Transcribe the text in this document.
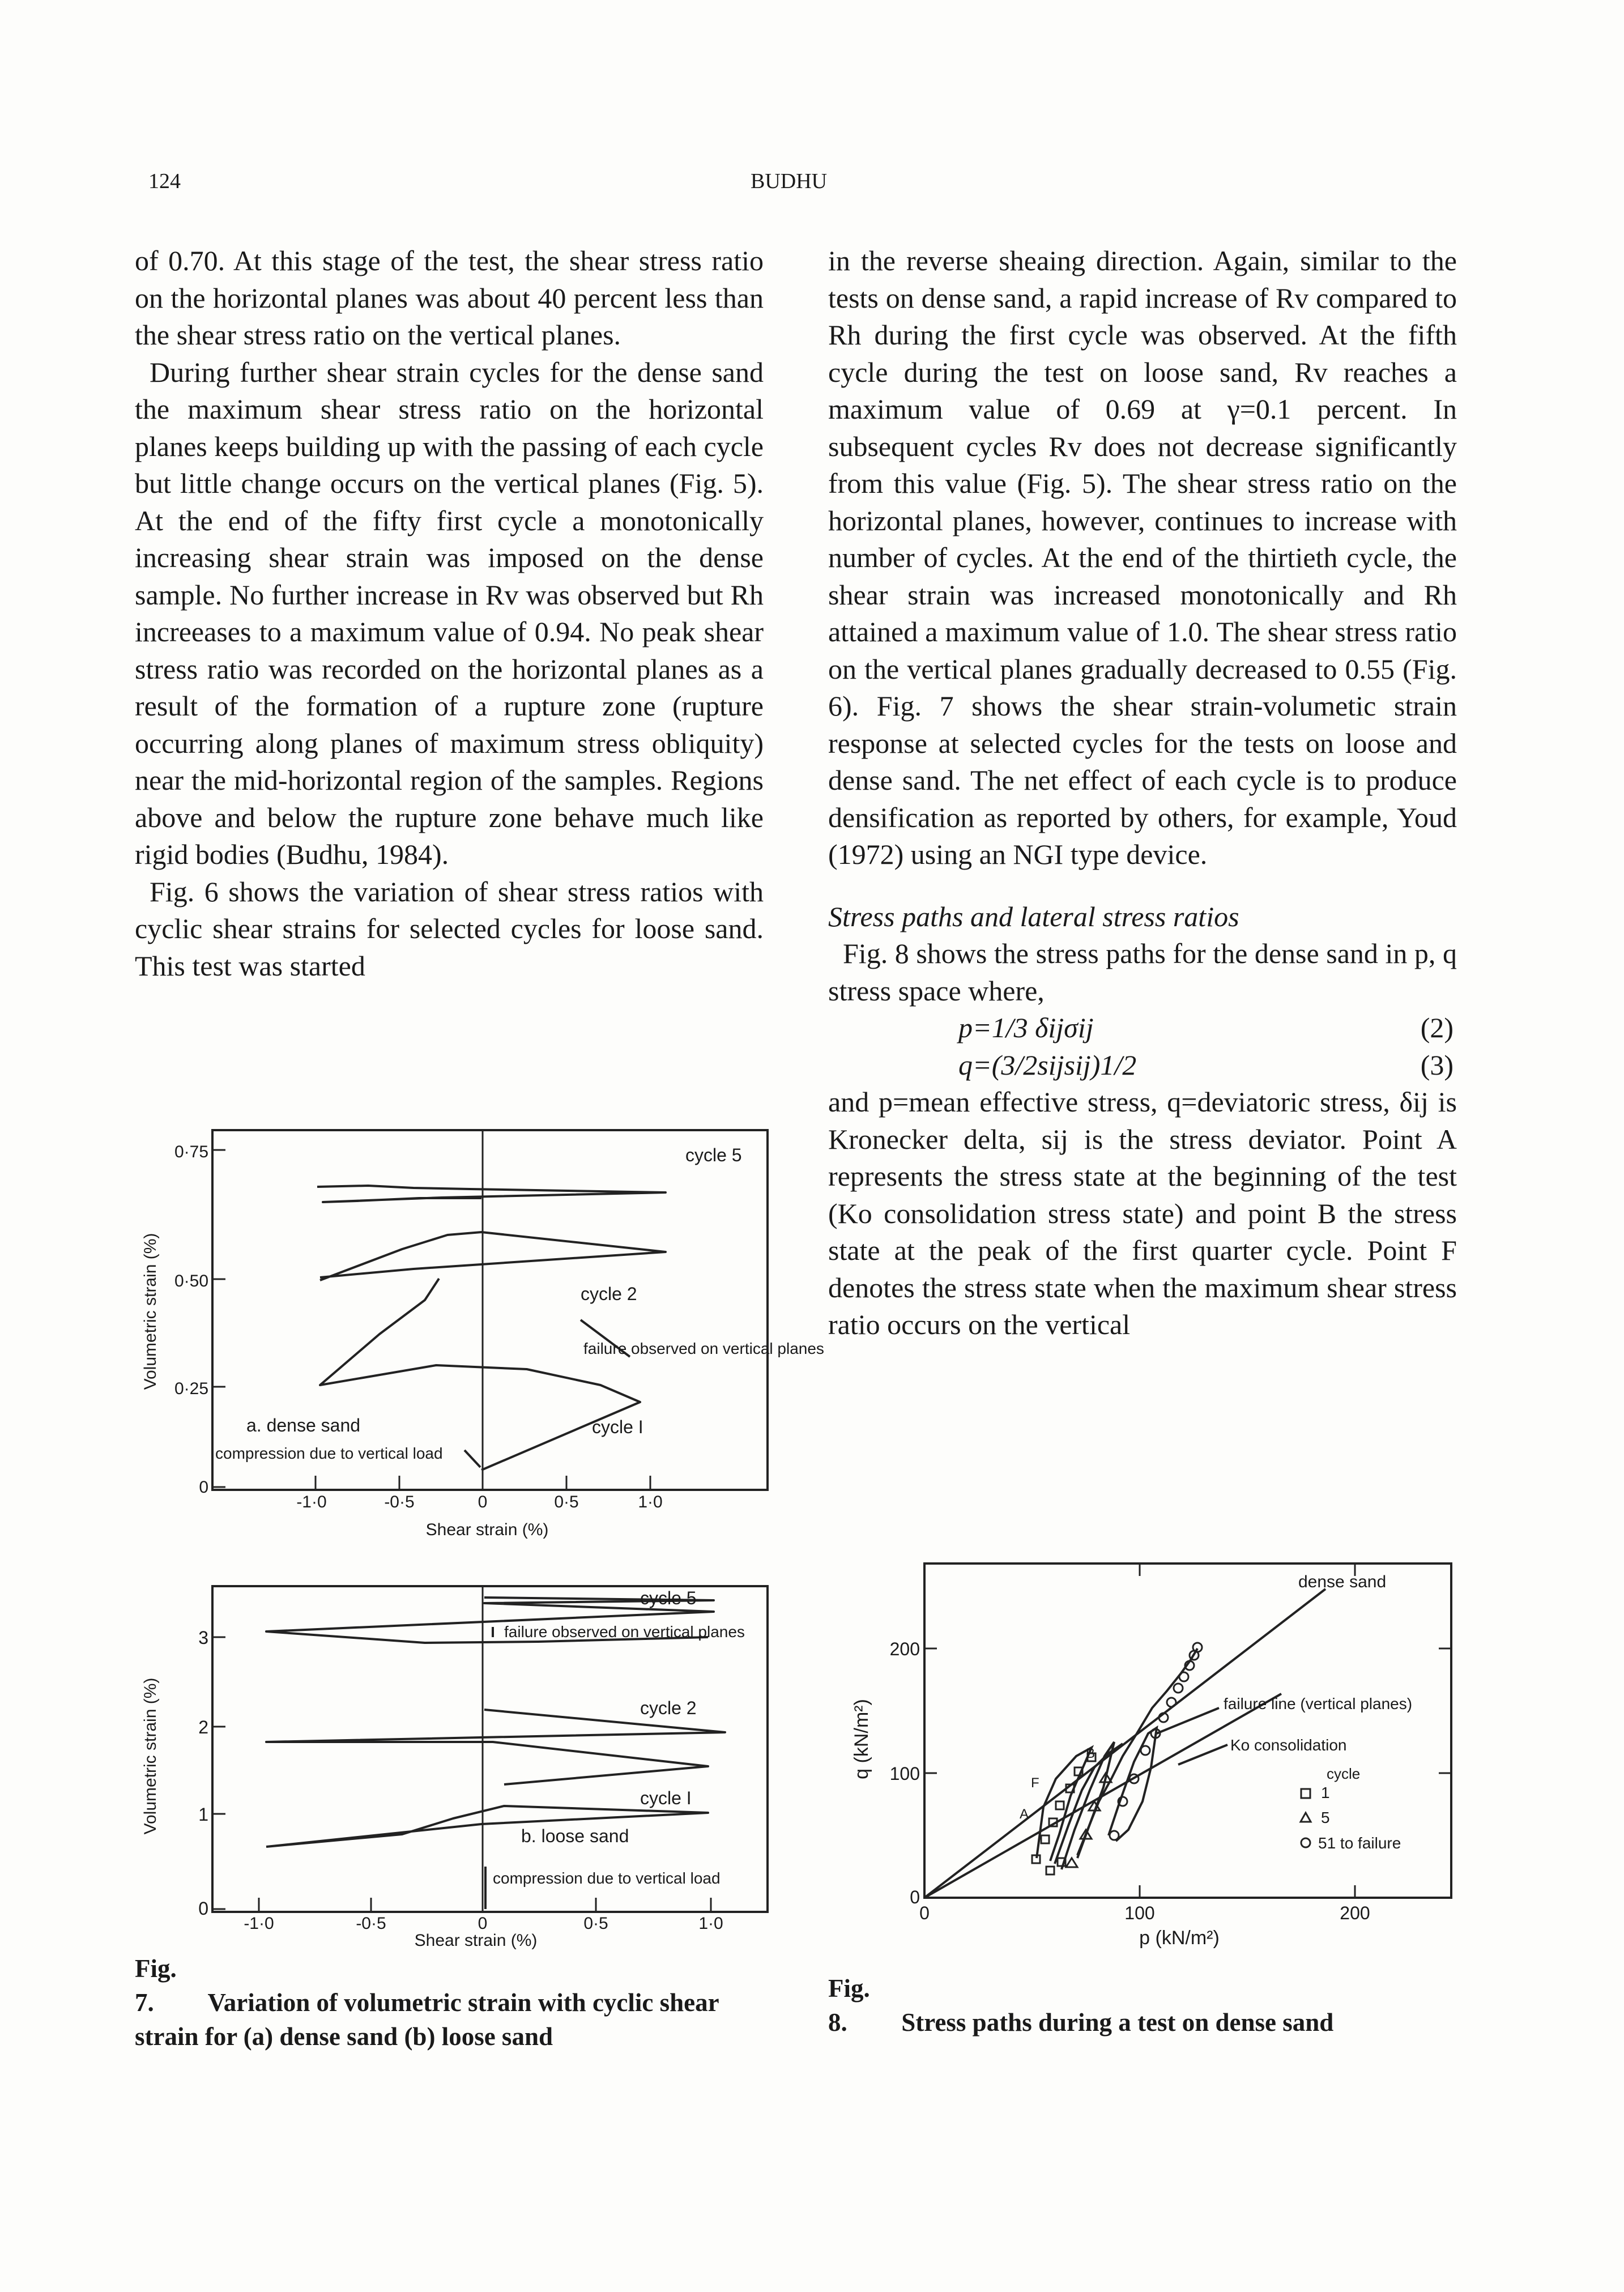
124	BUDHU

of 0.70. At this stage of the test, the shear stress ratio on the horizontal planes was about 40 percent less than the shear stress ratio on the vertical planes.

During further shear strain cycles for the dense sand the maximum shear stress ratio on the horizontal planes keeps building up with the passing of each cycle but little change occurs on the vertical planes (Fig. 5). At the end of the fifty first cycle a monotonically increasing shear strain was imposed on the dense sample. No further increase in Rv was observed but Rh increeases to a maximum value of 0.94. No peak shear stress ratio was recorded on the horizontal planes as a result of the formation of a rupture zone (rupture occurring along planes of maximum stress obliquity) near the mid-horizontal region of the samples. Regions above and below the rupture zone behave much like rigid bodies (Budhu, 1984).

Fig. 6 shows the variation of shear stress ratios with cyclic shear strains for selected cycles for loose sand. This test was started

in the reverse sheaing direction. Again, similar to the tests on dense sand, a rapid increase of Rv compared to Rh during the first cycle was observed. At the fifth cycle during the test on loose sand, Rv reaches a maximum value of 0.69 at γ=0.1 percent. In subsequent cycles Rv does not decrease significantly from this value (Fig. 5). The shear stress ratio on the horizontal planes, however, continues to increase with number of cycles. At the end of the thirtieth cycle, the shear strain was increased monotonically and Rh attained a maximum value of 1.0. The shear stress ratio on the vertical planes gradually decreased to 0.55 (Fig. 6). Fig. 7 shows the shear strain-volumetic strain response at selected cycles for the tests on loose and dense sand. The net effect of each cycle is to produce densification as reported by others, for example, Youd (1972) using an NGI type device.

Stress paths and lateral stress ratios

Fig. 8 shows the stress paths for the dense sand in p, q stress space where,

p=1/3 δijσij	(2)
q=(3/2sijsij)1/2	(3)

and p=mean effective stress, q=deviatoric stress, δij is Kronecker delta, sij is the stress deviator. Point A represents the stress state at the beginning of the test (Ko consolidation stress state) and point B the stress state at the peak of the first quarter cycle. Point F denotes the stress state when the maximum shear stress ratio occurs on the vertical

0·75
0·50
0·25
0
Volumetric strain (%)
-1·0	-0·5	0	0·5	1·0
Shear strain (%)
cycle 5
cycle 2
failure observed on vertical planes
cycle I
a. dense sand
compression due to vertical load
3
2
1
0
Volumetric strain (%)
-1·0	-0·5	0	0·5	1·0
Shear strain (%)
cycle 5
failure observed on vertical planes
cycle 2
cycle I
b. loose sand
compression due to vertical load
Fig. 7. Variation of volumetric strain with cyclic shear strain for (a) dense sand (b) loose sand
200
100
0
q (kN/m²)
0	100	200
p (kN/m²)
dense sand
failure line (vertical planes)
Ko consolidation
cycle
1
5
51 to failure
A
B
F
Fig. 8. Stress paths during a test on dense sand
